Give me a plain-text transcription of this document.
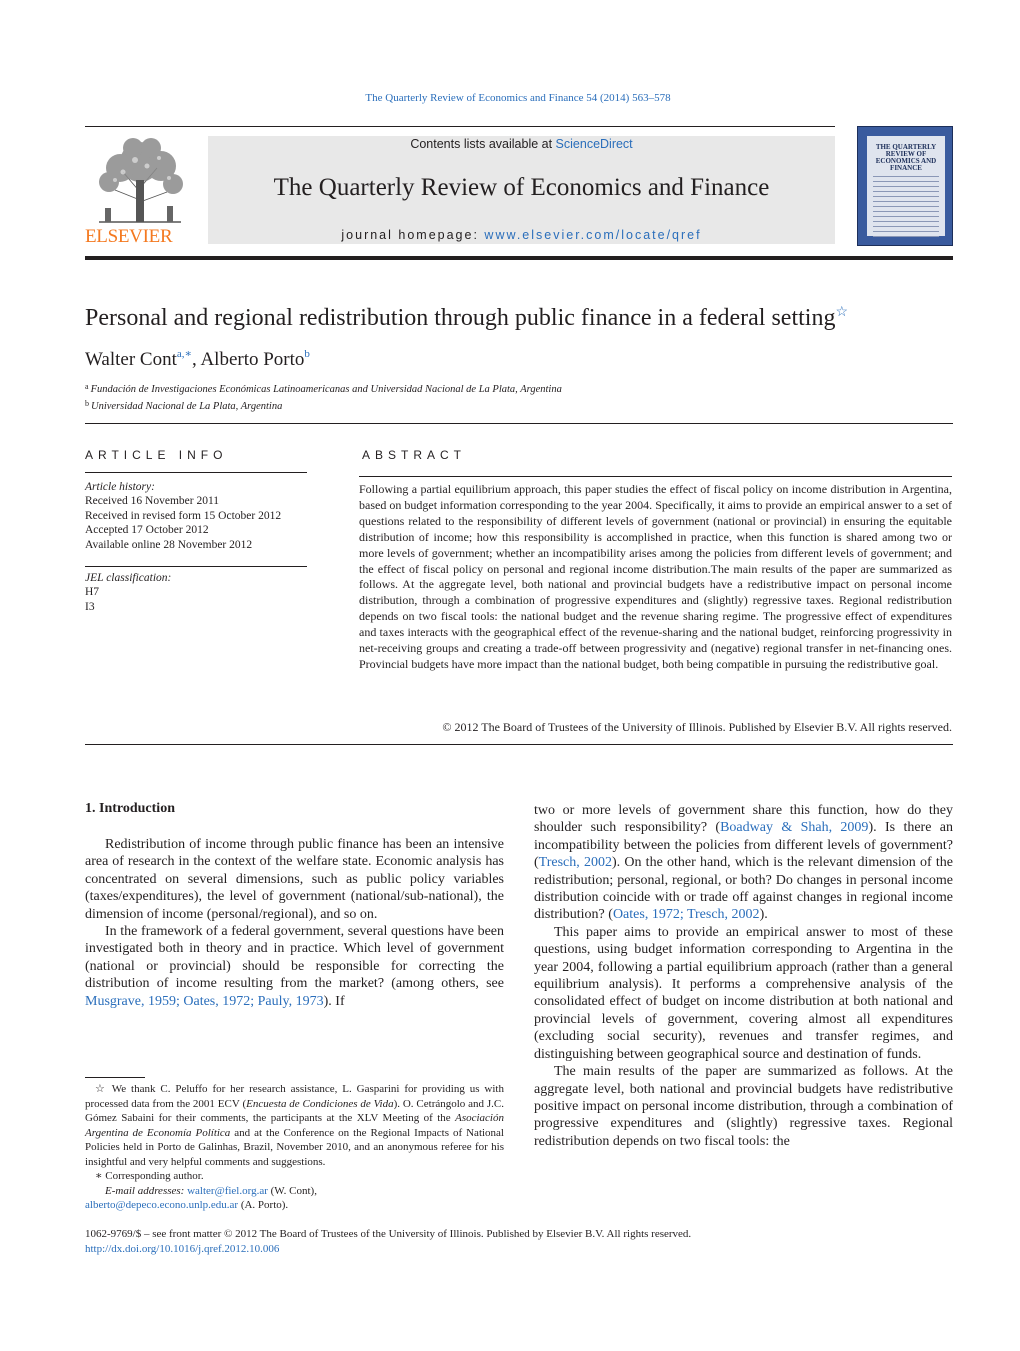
The Quarterly Review of Economics and Finance 54 (2014) 563–578
ELSEVIER
Contents lists available at ScienceDirect
The Quarterly Review of Economics and Finance
journal homepage: www.elsevier.com/locate/qref
THE QUARTERLY REVIEW OF ECONOMICS AND FINANCE
Personal and regional redistribution through public finance in a federal setting☆
Walter Cont$^{a,∗}$, Alberto Porto$^b$
$^a$ Fundación de Investigaciones Económicas Latinoamericanas and Universidad Nacional de La Plata, Argentina
$^b$ Universidad Nacional de La Plata, Argentina
ARTICLE INFO
Article history:
Received 16 November 2011
Received in revised form 15 October 2012
Accepted 17 October 2012
Available online 28 November 2012
JEL classification:
H7
I3
ABSTRACT
Following a partial equilibrium approach, this paper studies the effect of fiscal policy on income distribution in Argentina, based on budget information corresponding to the year 2004. Specifically, it aims to provide an empirical answer to a set of questions related to the responsibility of different levels of government (national or provincial) in ensuring the equitable distribution of income; how this responsibility is accomplished in practice, when this function is shared among two or more levels of government; whether an incompatibility arises among the policies from different levels of government; and the effect of fiscal policy on personal and regional income distribution.The main results of the paper are summarized as follows. At the aggregate level, both national and provincial budgets have a redistributive impact on personal income distribution, through a combination of progressive expenditures and (slightly) regressive taxes. Regional redistribution depends on two fiscal tools: the national budget and the revenue sharing regime. The progressive effect of expenditures and taxes interacts with the geographical effect of the revenue-sharing and the national budget, reinforcing progressivity in net-receiving groups and creating a trade-off between progressivity and (negative) regional transfer in net-financing ones. Provincial budgets have more impact than the national budget, both being compatible in pursuing the redistributive goal.
© 2012 The Board of Trustees of the University of Illinois. Published by Elsevier B.V. All rights reserved.
1. Introduction

Redistribution of income through public finance has been an intensive area of research in the context of the welfare state. Economic analysis has concentrated on several dimensions, such as public policy variables (taxes/expenditures), the level of government (national/sub-national), the dimension of income (personal/regional), and so on.

In the framework of a federal government, several questions have been investigated both in theory and in practice. Which level of government (national or provincial) should be responsible for correcting the distribution of income resulting from the market? (among others, see Musgrave, 1959; Oates, 1972; Pauly, 1973). If

two or more levels of government share this function, how do they shoulder such responsibility? (Boadway & Shah, 2009). Is there an incompatibility between the policies from different levels of government? (Tresch, 2002). On the other hand, which is the relevant dimension of the redistribution; personal, regional, or both? Do changes in personal income distribution coincide with or trade off against changes in regional income distribution? (Oates, 1972; Tresch, 2002).

This paper aims to provide an empirical answer to most of these questions, using budget information corresponding to Argentina in the year 2004, following a partial equilibrium approach (rather than a general equilibrium analysis). It performs a comprehensive analysis of the consolidated effect of budget on income distribution at both national and provincial levels of government, covering almost all expenditures (excluding social security), revenues and transfer regimes, and distinguishing between geographical source and destination of funds.

The main results of the paper are summarized as follows. At the aggregate level, both national and provincial budgets have redistributive positive impact on personal income distribution, through a combination of progressive expenditures and (slightly) regressive taxes. Regional redistribution depends on two fiscal tools: the

☆ We thank C. Peluffo for her research assistance, L. Gasparini for providing us with processed data from the 2001 ECV (Encuesta de Condiciones de Vida). O. Cetrángolo and J.C. Gómez Sabaini for their comments, the participants at the XLV Meeting of the Asociación Argentina de Economía Política and at the Conference on the Regional Impacts of National Policies held in Porto de Galinhas, Brazil, November 2010, and an anonymous referee for his insightful and very helpful comments and suggestions.

∗ Corresponding author.

E-mail addresses: walter@fiel.org.ar (W. Cont),

alberto@depeco.econo.unlp.edu.ar (A. Porto).

1062-9769/$ – see front matter © 2012 The Board of Trustees of the University of Illinois. Published by Elsevier B.V. All rights reserved.
http://dx.doi.org/10.1016/j.qref.2012.10.006
